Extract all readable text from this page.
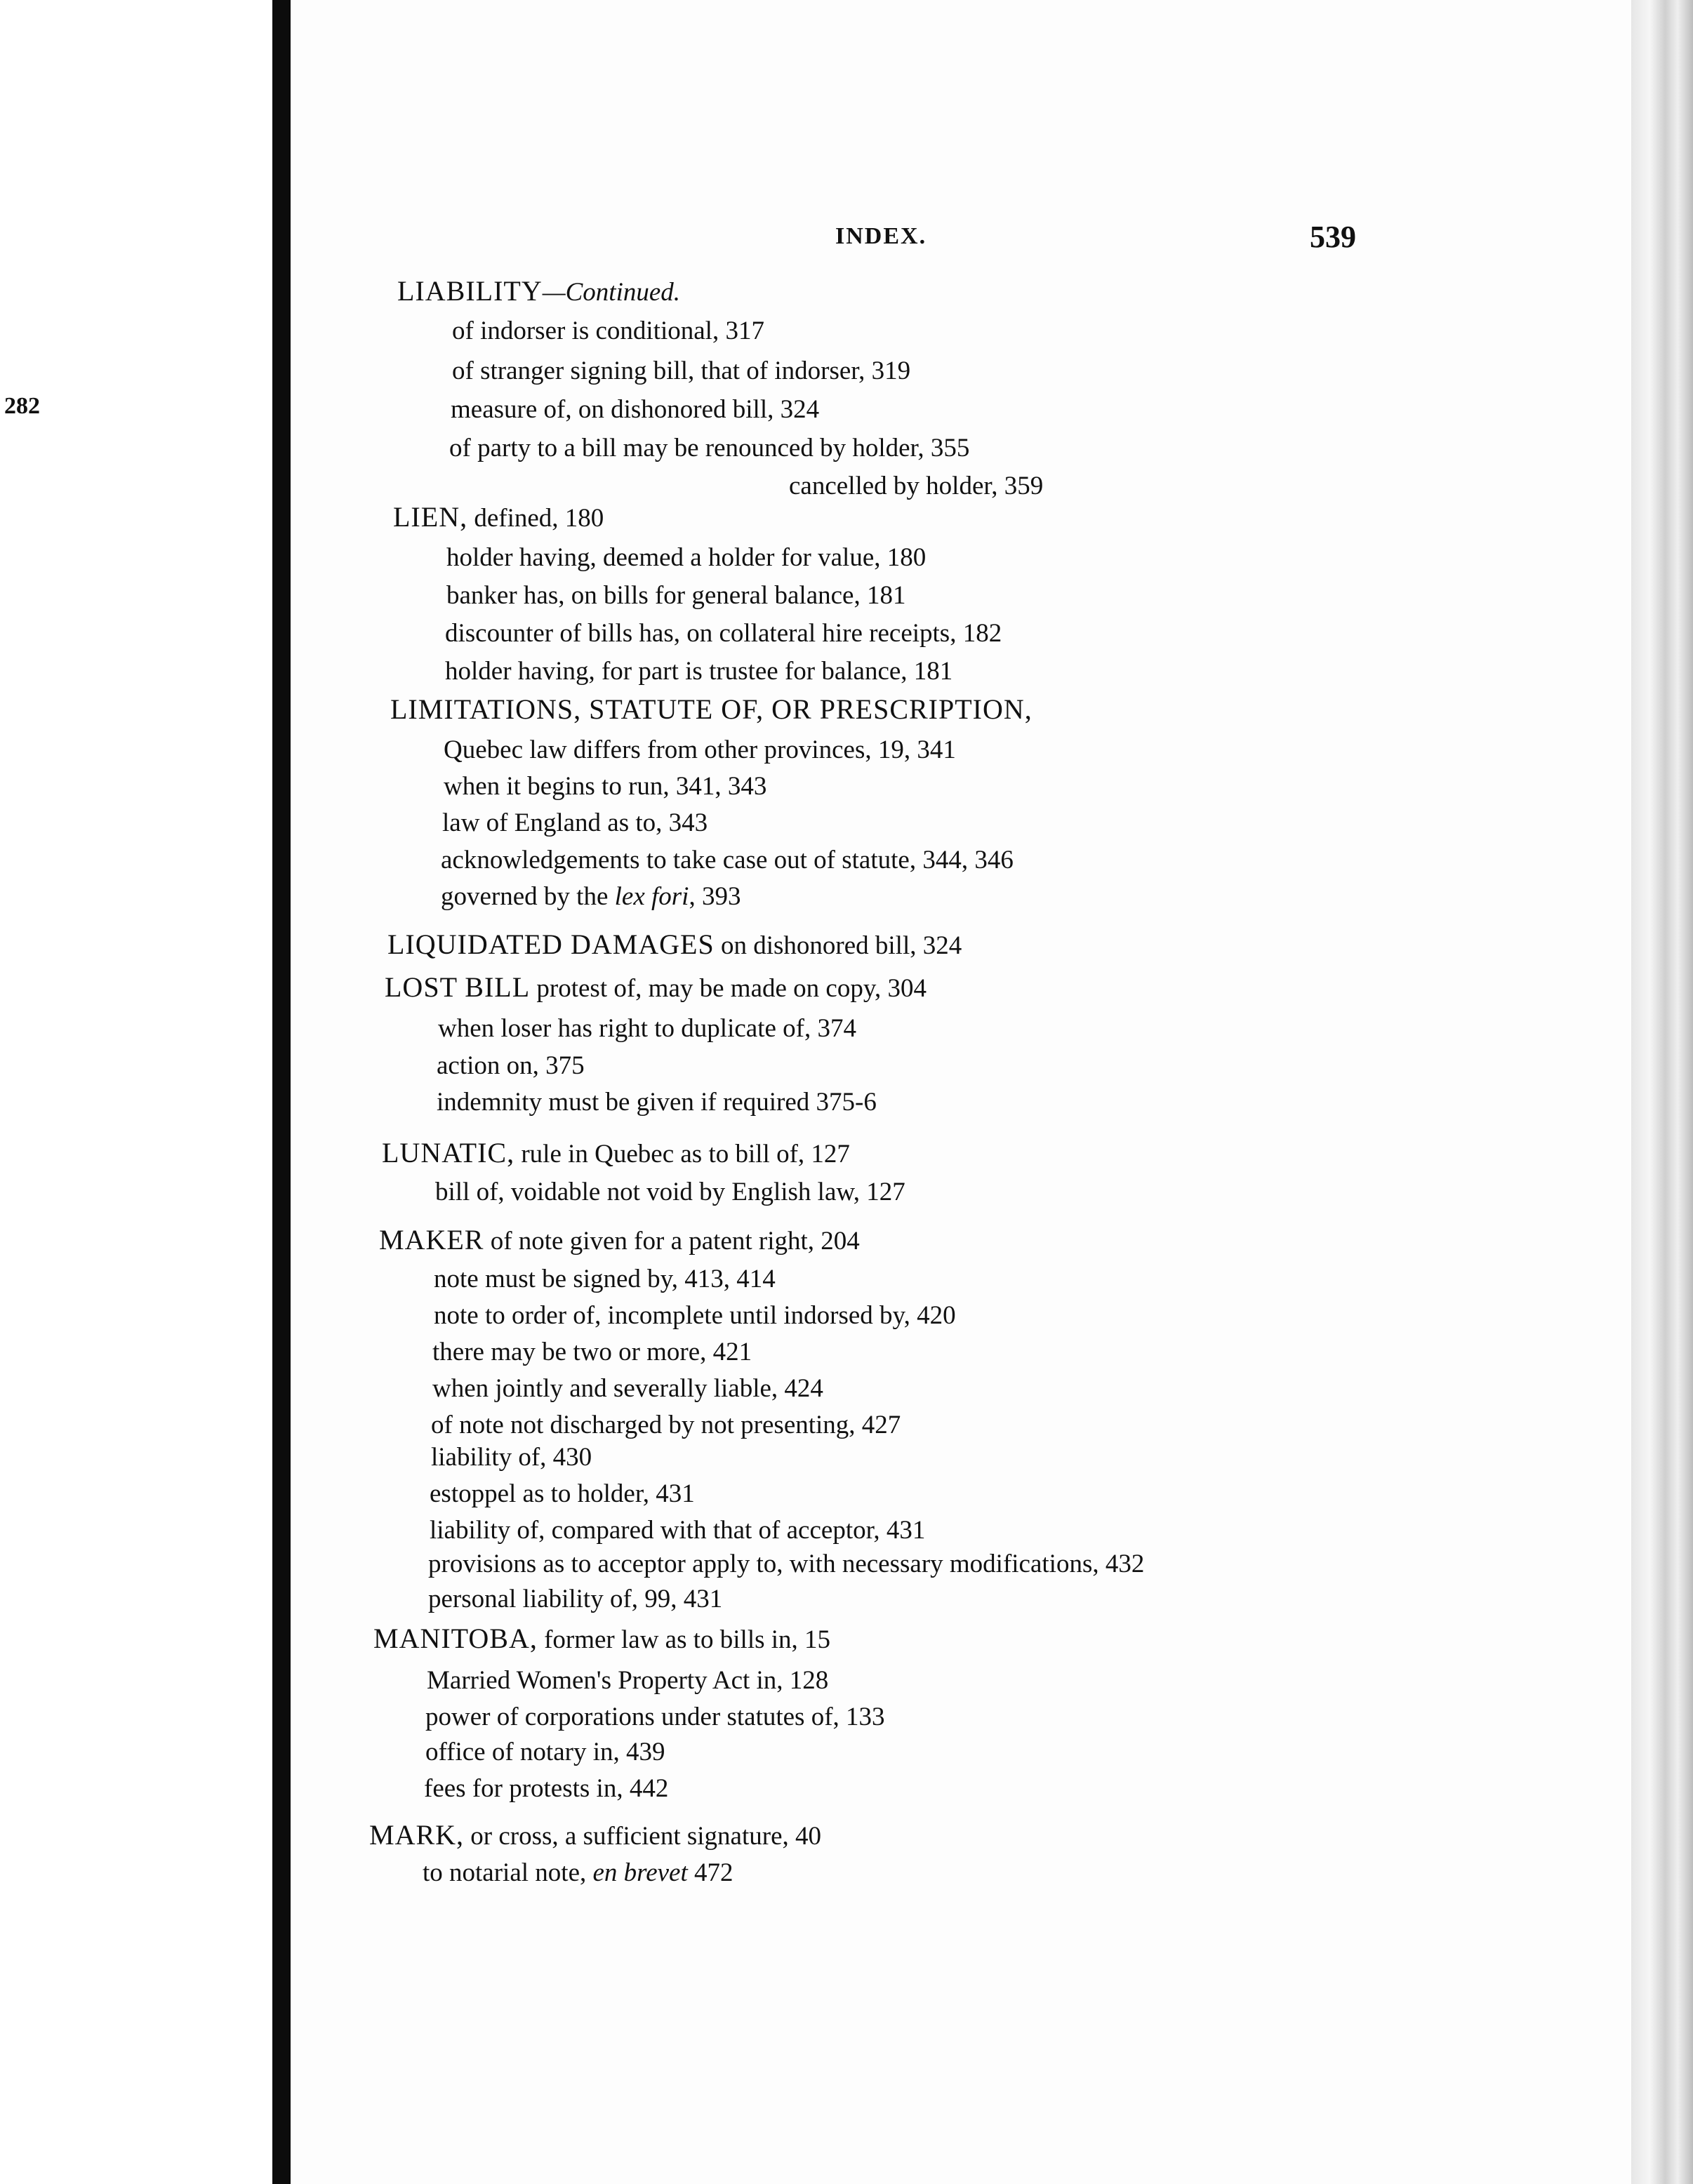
282
INDEX.	539
LIABILITY—Continued.
of indorser is conditional, 317
of stranger signing bill, that of indorser, 319
measure of, on dishonored bill, 324
of party to a bill may be renounced by holder, 355
cancelled by holder, 359
LIEN, defined, 180
holder having, deemed a holder for value, 180
banker has, on bills for general balance, 181
discounter of bills has, on collateral hire receipts, 182
holder having, for part is trustee for balance, 181
LIMITATIONS, STATUTE OF, OR PRESCRIPTION,
Quebec law differs from other provinces, 19, 341
when it begins to run, 341, 343
law of England as to, 343
acknowledgements to take case out of statute, 344, 346
governed by the lex fori, 393
LIQUIDATED DAMAGES on dishonored bill, 324
LOST BILL protest of, may be made on copy, 304
when loser has right to duplicate of, 374
action on, 375
indemnity must be given if required 375-6
LUNATIC, rule in Quebec as to bill of, 127
bill of, voidable not void by English law, 127
MAKER of note given for a patent right, 204
note must be signed by, 413, 414
note to order of, incomplete until indorsed by, 420
there may be two or more, 421
when jointly and severally liable, 424
of note not discharged by not presenting, 427
liability of, 430
estoppel as to holder, 431
liability of, compared with that of acceptor, 431
provisions as to acceptor apply to, with necessary modifications, 432
personal liability of, 99, 431
MANITOBA, former law as to bills in, 15
Married Women's Property Act in, 128
power of corporations under statutes of, 133
office of notary in, 439
fees for protests in, 442
MARK, or cross, a sufficient signature, 40
to notarial note, en brevet 472
